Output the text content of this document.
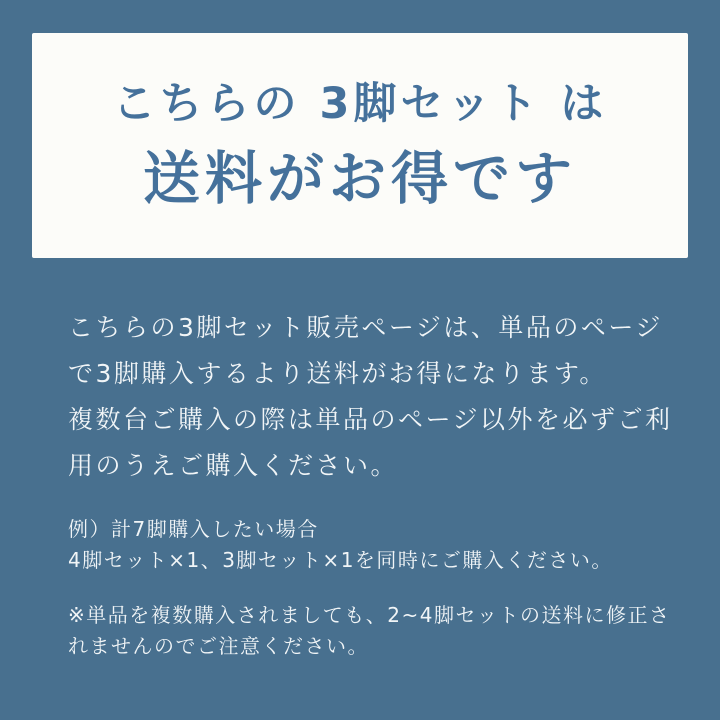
こちらの 3脚セット は
送料がお得です
こちらの3脚セット販売ページは、単品のページ
で3脚購入するより送料がお得になります。
複数台ご購入の際は単品のページ以外を必ずご利
用のうえご購入ください。
例）計7脚購入したい場合
4脚セット×1、3脚セット×1を同時にご購入ください。
※単品を複数購入されましても、2~4脚セットの送料に修正さ
れませんのでご注意ください。
